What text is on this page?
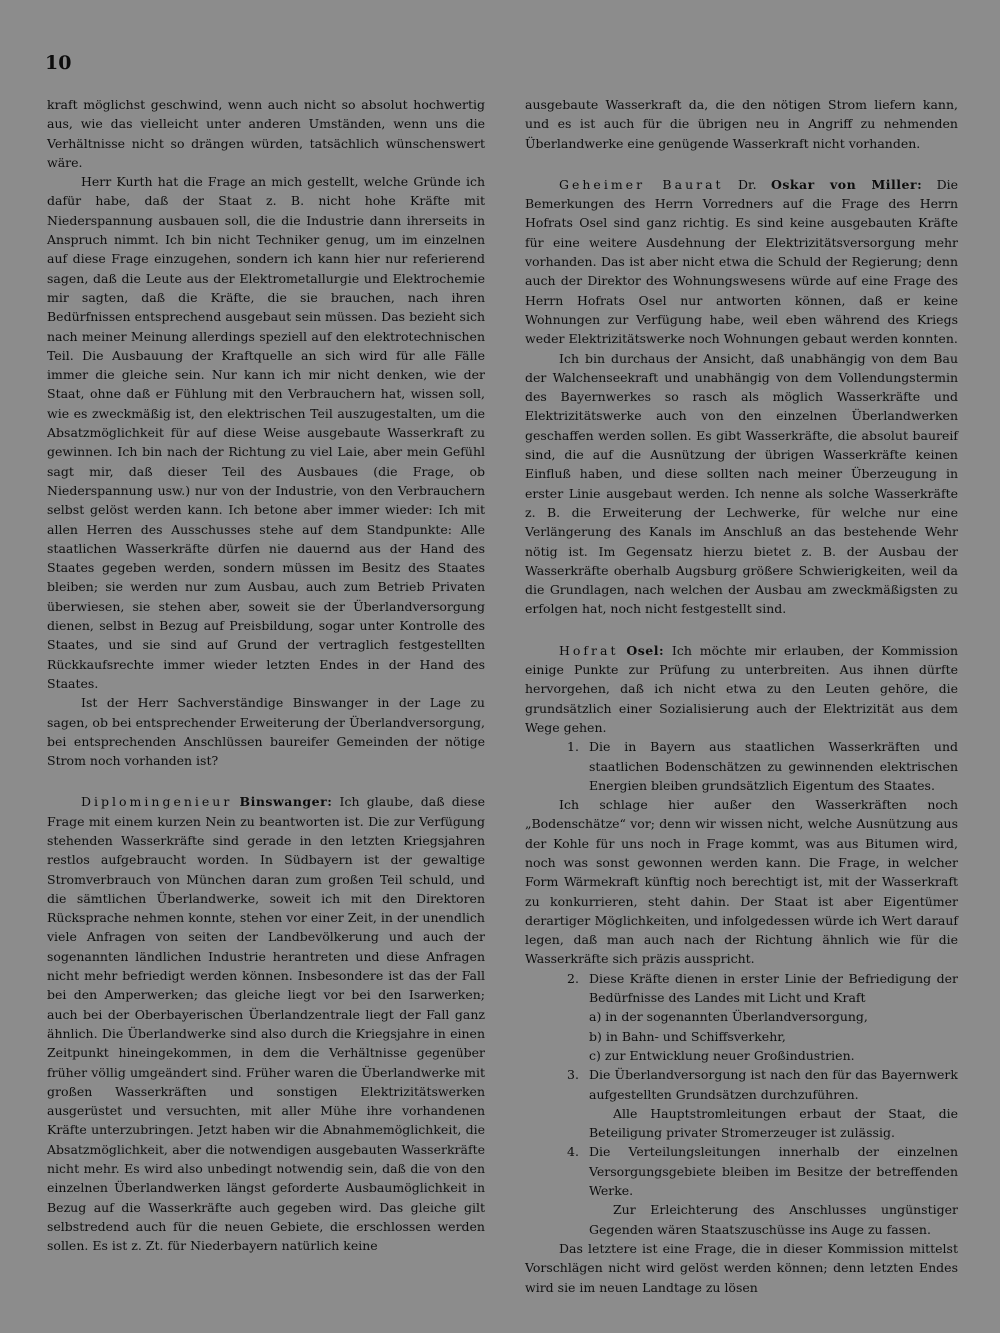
10

kraft möglichst geschwind, wenn auch nicht so absolut hochwertig aus, wie das vielleicht unter anderen Umständen, wenn uns die Verhältnisse nicht so drängen würden, tatsächlich wünschenswert wäre.

Herr Kurth hat die Frage an mich gestellt, welche Gründe ich dafür habe, daß der Staat z. B. nicht hohe Kräfte mit Niederspannung ausbauen soll, die die Industrie dann ihrerseits in Anspruch nimmt. Ich bin nicht Techniker genug, um im einzelnen auf diese Frage einzugehen, sondern ich kann hier nur referierend sagen, daß die Leute aus der Elektrometallurgie und Elektrochemie mir sagten, daß die Kräfte, die sie brauchen, nach ihren Bedürfnissen entsprechend ausgebaut sein müssen. Das bezieht sich nach meiner Meinung allerdings speziell auf den elektrotechnischen Teil. Die Ausbauung der Kraftquelle an sich wird für alle Fälle immer die gleiche sein. Nur kann ich mir nicht denken, wie der Staat, ohne daß er Fühlung mit den Verbrauchern hat, wissen soll, wie es zweckmäßig ist, den elektrischen Teil auszugestalten, um die Absatzmöglichkeit für auf diese Weise ausgebaute Wasserkraft zu gewinnen. Ich bin nach der Richtung zu viel Laie, aber mein Gefühl sagt mir, daß dieser Teil des Ausbaues (die Frage, ob Niederspannung usw.) nur von der Industrie, von den Verbrauchern selbst gelöst werden kann. Ich betone aber immer wieder: Ich mit allen Herren des Ausschusses stehe auf dem Standpunkte: Alle staatlichen Wasserkräfte dürfen nie dauernd aus der Hand des Staates gegeben werden, sondern müssen im Besitz des Staates bleiben; sie werden nur zum Ausbau, auch zum Betrieb Privaten überwiesen, sie stehen aber, soweit sie der Überlandversorgung dienen, selbst in Bezug auf Preisbildung, sogar unter Kontrolle des Staates, und sie sind auf Grund der vertraglich festgestellten Rückkaufsrechte immer wieder letzten Endes in der Hand des Staates.

Ist der Herr Sachverständige Binswanger in der Lage zu sagen, ob bei entsprechender Erweiterung der Überlandversorgung, bei entsprechenden Anschlüssen baureifer Gemeinden der nötige Strom noch vorhanden ist?

Diplomingenieur Binswanger: Ich glaube, daß diese Frage mit einem kurzen Nein zu beantworten ist. Die zur Verfügung stehenden Wasserkräfte sind gerade in den letzten Kriegsjahren restlos aufgebraucht worden. In Südbayern ist der gewaltige Stromverbrauch von München daran zum großen Teil schuld, und die sämtlichen Überlandwerke, soweit ich mit den Direktoren Rücksprache nehmen konnte, stehen vor einer Zeit, in der unendlich viele Anfragen von seiten der Landbevölkerung und auch der sogenannten ländlichen Industrie herantreten und diese Anfragen nicht mehr befriedigt werden können. Insbesondere ist das der Fall bei den Amperwerken; das gleiche liegt vor bei den Isarwerken; auch bei der Oberbayerischen Überlandzentrale liegt der Fall ganz ähnlich. Die Überlandwerke sind also durch die Kriegsjahre in einen Zeitpunkt hineingekommen, in dem die Verhältnisse gegenüber früher völlig umgeändert sind. Früher waren die Überlandwerke mit großen Wasserkräften und sonstigen Elektrizitätswerken ausgerüstet und versuchten, mit aller Mühe ihre vorhandenen Kräfte unterzubringen. Jetzt haben wir die Abnahmemöglichkeit, die Absatzmöglichkeit, aber die notwendigen ausgebauten Wasserkräfte nicht mehr. Es wird also unbedingt notwendig sein, daß die von den einzelnen Überlandwerken längst geforderte Ausbaumöglichkeit in Bezug auf die Wasserkräfte auch gegeben wird. Das gleiche gilt selbstredend auch für die neuen Gebiete, die erschlossen werden sollen. Es ist z. Zt. für Niederbayern natürlich keine

ausgebaute Wasserkraft da, die den nötigen Strom liefern kann, und es ist auch für die übrigen neu in Angriff zu nehmenden Überlandwerke eine genügende Wasserkraft nicht vorhanden.

Geheimer Baurat Dr. Oskar von Miller: Die Bemerkungen des Herrn Vorredners auf die Frage des Herrn Hofrats Osel sind ganz richtig. Es sind keine ausgebauten Kräfte für eine weitere Ausdehnung der Elektrizitätsversorgung mehr vorhanden. Das ist aber nicht etwa die Schuld der Regierung; denn auch der Direktor des Wohnungswesens würde auf eine Frage des Herrn Hofrats Osel nur antworten können, daß er keine Wohnungen zur Verfügung habe, weil eben während des Kriegs weder Elektrizitätswerke noch Wohnungen gebaut werden konnten.

Ich bin durchaus der Ansicht, daß unabhängig von dem Bau der Walchenseekraft und unabhängig von dem Vollendungstermin des Bayernwerkes so rasch als möglich Wasserkräfte und Elektrizitätswerke auch von den einzelnen Überlandwerken geschaffen werden sollen. Es gibt Wasserkräfte, die absolut baureif sind, die auf die Ausnützung der übrigen Wasserkräfte keinen Einfluß haben, und diese sollten nach meiner Überzeugung in erster Linie ausgebaut werden. Ich nenne als solche Wasserkräfte z. B. die Erweiterung der Lechwerke, für welche nur eine Verlängerung des Kanals im Anschluß an das bestehende Wehr nötig ist. Im Gegensatz hierzu bietet z. B. der Ausbau der Wasserkräfte oberhalb Augsburg größere Schwierigkeiten, weil da die Grundlagen, nach welchen der Ausbau am zweckmäßigsten zu erfolgen hat, noch nicht festgestellt sind.

Hofrat Osel: Ich möchte mir erlauben, der Kommission einige Punkte zur Prüfung zu unterbreiten. Aus ihnen dürfte hervorgehen, daß ich nicht etwa zu den Leuten gehöre, die grundsätzlich einer Sozialisierung auch der Elektrizität aus dem Wege gehen.

1. Die in Bayern aus staatlichen Wasserkräften und staatlichen Bodenschätzen zu gewinnenden elektrischen Energien bleiben grundsätzlich Eigentum des Staates.

Ich schlage hier außer den Wasserkräften noch „Bodenschätze“ vor; denn wir wissen nicht, welche Ausnützung aus der Kohle für uns noch in Frage kommt, was aus Bitumen wird, noch was sonst gewonnen werden kann. Die Frage, in welcher Form Wärmekraft künftig noch berechtigt ist, mit der Wasserkraft zu konkurrieren, steht dahin. Der Staat ist aber Eigentümer derartiger Möglichkeiten, und infolgedessen würde ich Wert darauf legen, daß man auch nach der Richtung ähnlich wie für die Wasserkräfte sich präzis ausspricht.

2. Diese Kräfte dienen in erster Linie der Befriedigung der Bedürfnisse des Landes mit Licht und Kraft

a) in der sogenannten Überlandversorgung,

b) in Bahn- und Schiffsverkehr,

c) zur Entwicklung neuer Großindustrien.

3. Die Überlandversorgung ist nach den für das Bayernwerk aufgestellten Grundsätzen durchzuführen.

Alle Hauptstromleitungen erbaut der Staat, die Beteiligung privater Stromerzeuger ist zulässig.

4. Die Verteilungsleitungen innerhalb der einzelnen Versorgungsgebiete bleiben im Besitze der betreffenden Werke.

Zur Erleichterung des Anschlusses ungünstiger Gegenden wären Staatszuschüsse ins Auge zu fassen.

Das letztere ist eine Frage, die in dieser Kommission mittelst Vorschlägen nicht wird gelöst werden können; denn letzten Endes wird sie im neuen Landtage zu lösen
